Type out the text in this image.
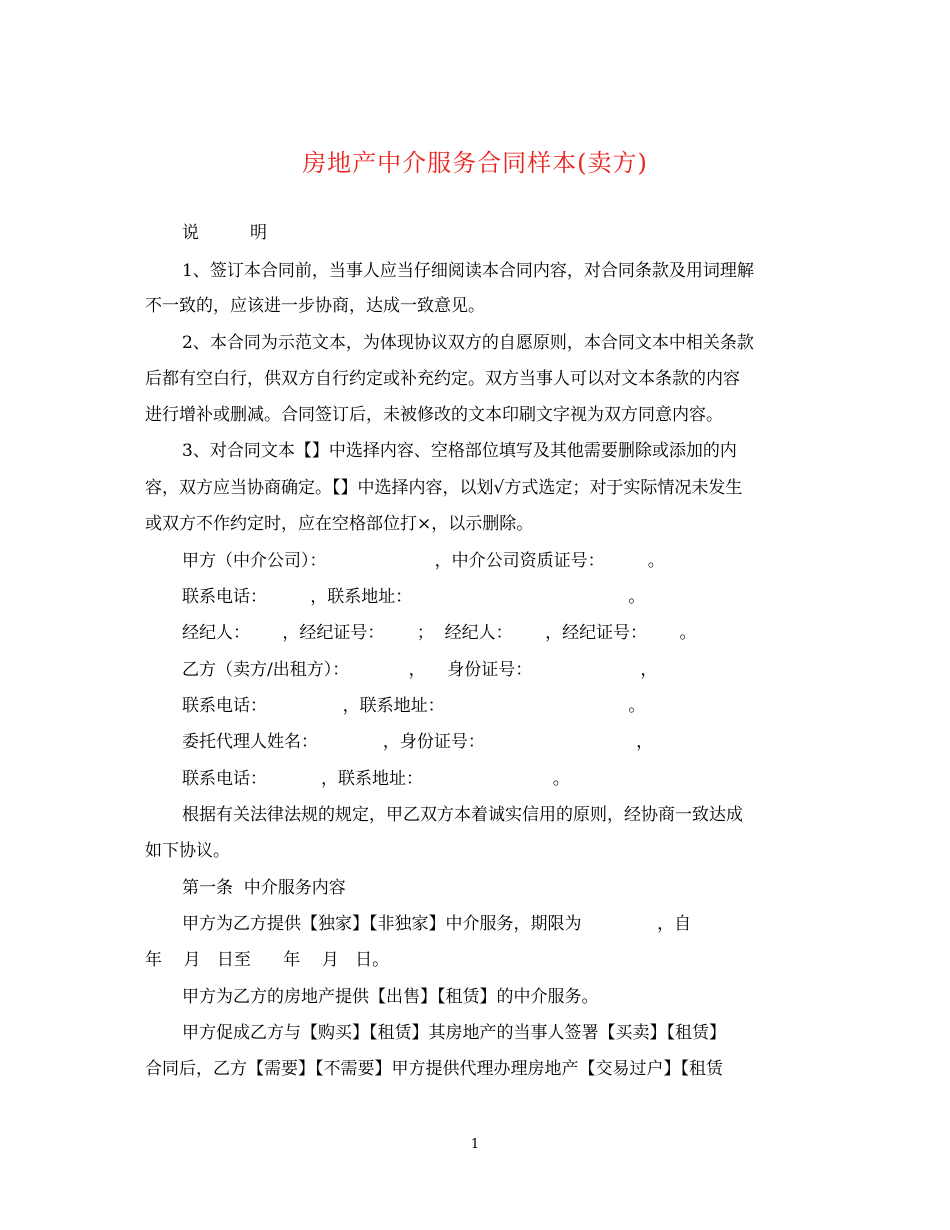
房地产中介服务合同样本(卖方)
说　　　明
1、签订本合同前，当事人应当仔细阅读本合同内容，对合同条款及用词理解
不一致的，应该进一步协商，达成一致意见。
2、本合同为示范文本，为体现协议双方的自愿原则，本合同文本中相关条款
后都有空白行，供双方自行约定或补充约定。双方当事人可以对文本条款的内容
进行增补或删减。合同签订后，未被修改的文本印刷文字视为双方同意内容。
3、对合同文本【】中选择内容、空格部位填写及其他需要删除或添加的内
容，双方应当协商确定。【】中选择内容，以划√方式选定；对于实际情况未发生
或双方不作约定时，应在空格部位打×，以示删除。
甲方（中介公司）：                    ，中介公司资质证号：        。
联系电话：        ，联系地址：                                        。
经纪人：      ，经纪证号：      ；  经纪人：      ，经纪证号：      。
乙方（卖方/出租方）：           ，    身份证号：                    ，
联系电话：              ，联系地址：                                  。
委托代理人姓名：            ，身份证号：                            ，
联系电话：          ，联系地址：                        。
根据有关法律法规的规定，甲乙双方本着诚实信用的原则，经协商一致达成
如下协议。
第一条  中介服务内容
甲方为乙方提供【独家】【非独家】中介服务，期限为              ，自
年    月   日至      年    月   日。
甲方为乙方的房地产提供【出售】【租赁】的中介服务。
甲方促成乙方与【购买】【租赁】其房地产的当事人签署【买卖】【租赁】
合同后，乙方【需要】【不需要】甲方提供代理办理房地产【交易过户】【租赁
1
